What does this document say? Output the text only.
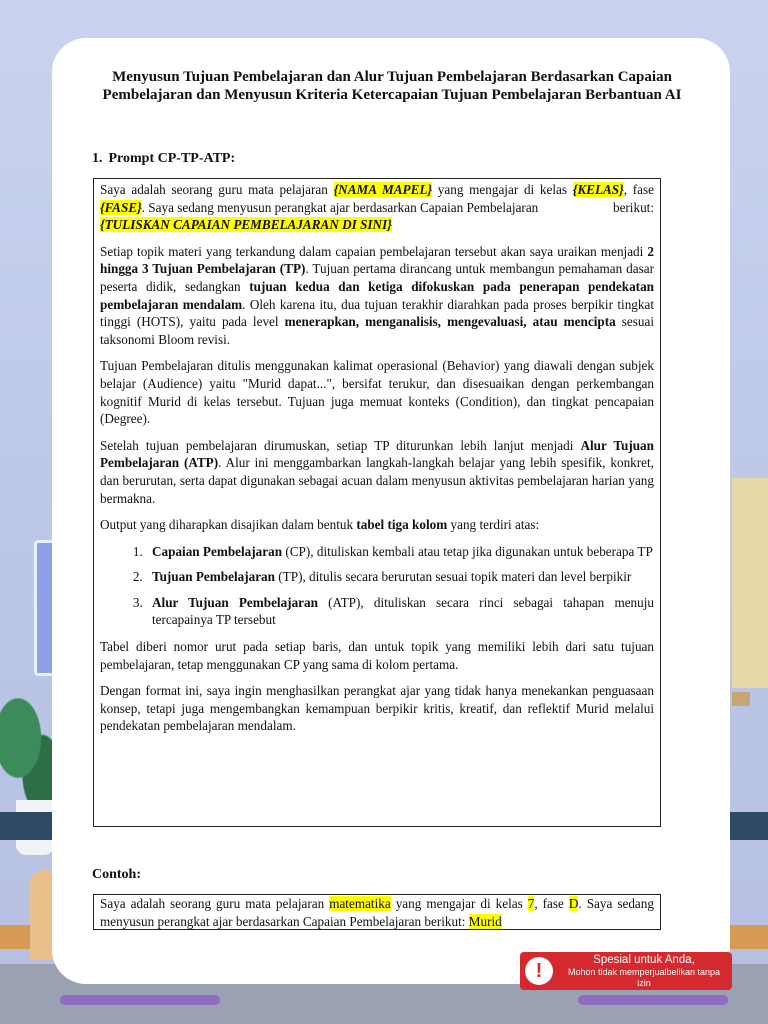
Menyusun Tujuan Pembelajaran dan Alur Tujuan Pembelajaran Berdasarkan Capaian Pembelajaran dan Menyusun Kriteria Ketercapaian Tujuan Pembelajaran Berbantuan AI
1. Prompt CP-TP-ATP:

Saya adalah seorang guru mata pelajaran {NAMA MAPEL} yang mengajar di kelas {KELAS}, fase {FASE}. Saya sedang menyusun perangkat ajar berdasarkan Capaian Pembelajaran	berikut:

{TULISKAN CAPAIAN PEMBELAJARAN DI SINI}

Setiap topik materi yang terkandung dalam capaian pembelajaran tersebut akan saya uraikan menjadi 2 hingga 3 Tujuan Pembelajaran (TP). Tujuan pertama dirancang untuk membangun pemahaman dasar peserta didik, sedangkan tujuan kedua dan ketiga difokuskan pada penerapan pendekatan pembelajaran mendalam. Oleh karena itu, dua tujuan terakhir diarahkan pada proses berpikir tingkat tinggi (HOTS), yaitu pada level menerapkan, menganalisis, mengevaluasi, atau mencipta sesuai taksonomi Bloom revisi.

Tujuan Pembelajaran ditulis menggunakan kalimat operasional (Behavior) yang diawali dengan subjek belajar (Audience) yaitu "Murid dapat...", bersifat terukur, dan disesuaikan dengan perkembangan kognitif Murid di kelas tersebut. Tujuan juga memuat konteks (Condition), dan tingkat pencapaian (Degree).

Setelah tujuan pembelajaran dirumuskan, setiap TP diturunkan lebih lanjut menjadi Alur Tujuan Pembelajaran (ATP). Alur ini menggambarkan langkah-langkah belajar yang lebih spesifik, konkret, dan berurutan, serta dapat digunakan sebagai acuan dalam menyusun aktivitas pembelajaran harian yang bermakna.

Output yang diharapkan disajikan dalam bentuk tabel tiga kolom yang terdiri atas:

1. Capaian Pembelajaran (CP), dituliskan kembali atau tetap jika digunakan untuk beberapa TP
2. Tujuan Pembelajaran (TP), ditulis secara berurutan sesuai topik materi dan level berpikir
3. Alur Tujuan Pembelajaran (ATP), dituliskan secara rinci sebagai tahapan menuju tercapainya TP tersebut

Tabel diberi nomor urut pada setiap baris, dan untuk topik yang memiliki lebih dari satu tujuan pembelajaran, tetap menggunakan CP yang sama di kolom pertama.

Dengan format ini, saya ingin menghasilkan perangkat ajar yang tidak hanya menekankan penguasaan konsep, tetapi juga mengembangkan kemampuan berpikir kritis, kreatif, dan reflektif Murid melalui pendekatan pembelajaran mendalam.

Contoh:
Saya adalah seorang guru mata pelajaran matematika yang mengajar di kelas 7, fase D. Saya sedang menyusun perangkat ajar berdasarkan Capaian Pembelajaran berikut: Murid
!	Spesial untuk Anda,
Mohon tidak memperjualbelikan tanpa izin
